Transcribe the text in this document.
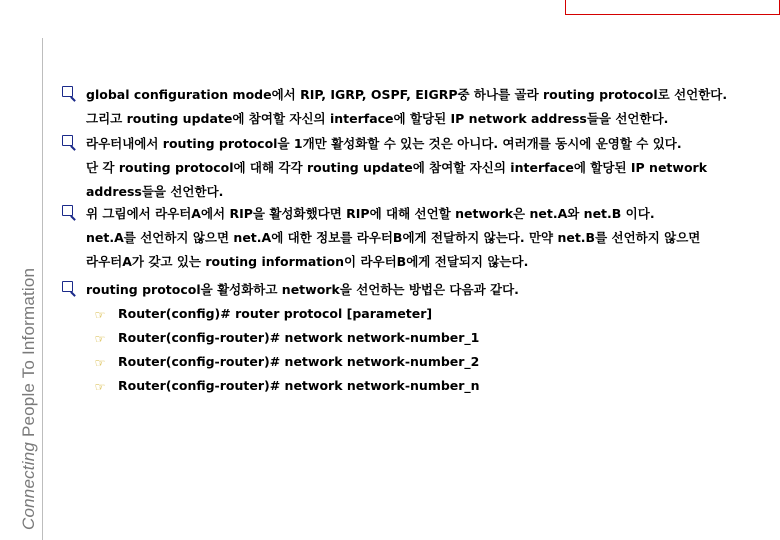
Connecting People To Information
global configuration mode에서 RIP, IGRP, OSPF, EIGRP중 하나를 골라 routing protocol로 선언한다.
그리고 routing update에 참여할 자신의 interface에 할당된 IP network address들을 선언한다.
라우터내에서 routing protocol을 1개만 활성화할 수 있는 것은 아니다. 여러개를 동시에 운영할 수 있다.
단 각 routing protocol에 대해 각각 routing update에 참여할 자신의 interface에 할당된 IP network
address들을 선언한다.
위 그림에서 라우터A에서 RIP을 활성화했다면 RIP에 대해 선언할 network은 net.A와 net.B 이다.
net.A를 선언하지 않으면 net.A에 대한 정보를 라우터B에게 전달하지 않는다. 만약 net.B를 선언하지 않으면
라우터A가 갖고 있는 routing information이 라우터B에게 전달되지 않는다.
routing protocol을 활성화하고 network을 선언하는 방법은 다음과 같다.
☞ Router(config)# router protocol [parameter]
☞ Router(config-router)# network network-number_1
☞ Router(config-router)# network network-number_2
☞ Router(config-router)# network network-number_n
